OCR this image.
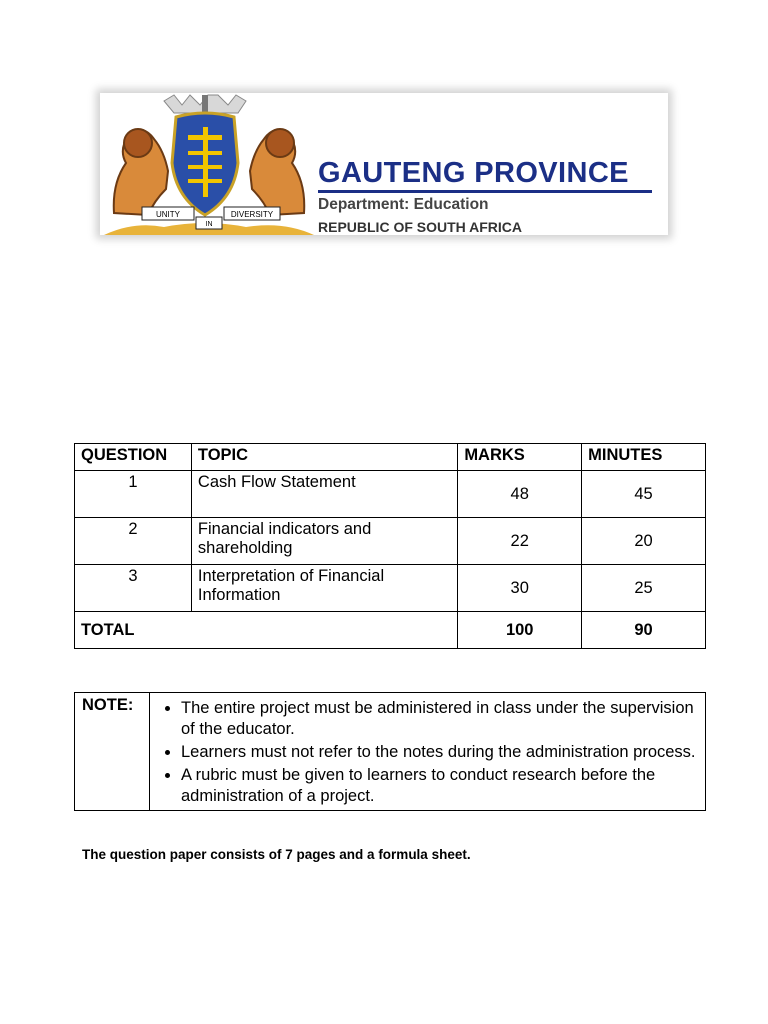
UNITY
IN
DIVERSITY
GAUTENG PROVINCE
Department: Education
REPUBLIC OF SOUTH AFRICA
QUESTION	TOPIC	MARKS	MINUTES
1	Cash Flow Statement	48	45
2	Financial indicators and shareholding	22	20
3	Interpretation of Financial Information	30	25
TOTAL		100	90
NOTE:	
•The entire project must be administered in class under the supervision of the educator.
• Learners must not refer to the notes during the administration process.
• A rubric must be given to learners to conduct research before the administration of a project.
The question paper consists of 7 pages and a formula sheet.
